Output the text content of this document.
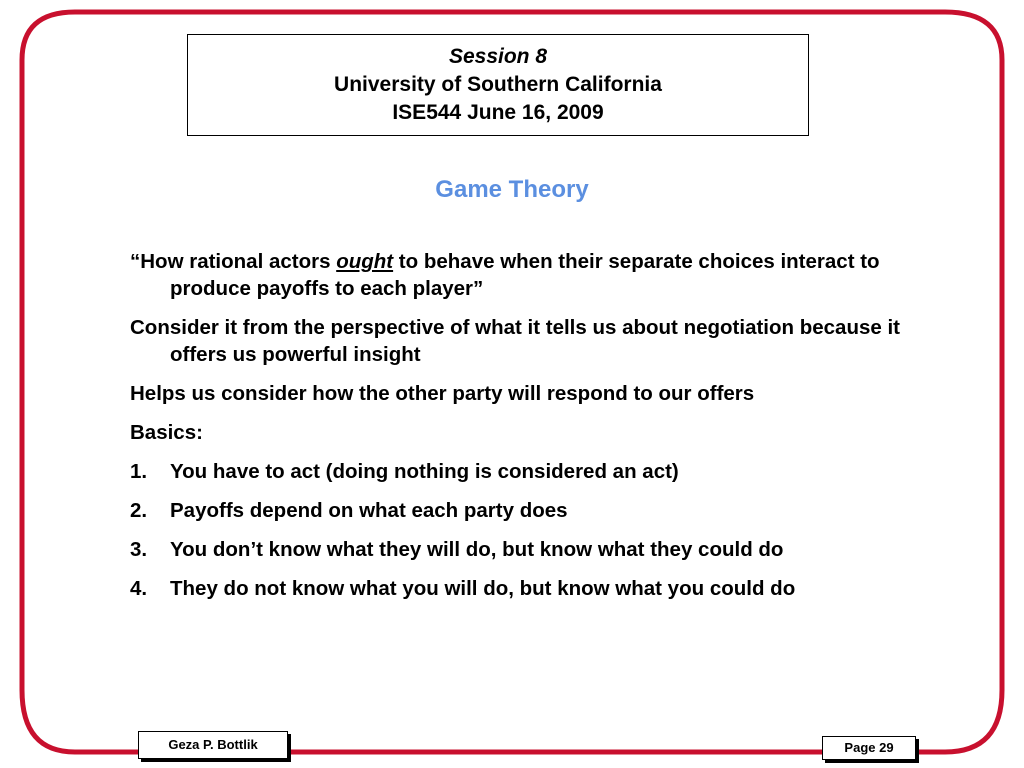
Session 8
University of Southern California
ISE544 June 16, 2009
Game Theory

“How rational actors ought to behave when their separate choices interact to produce payoffs to each player”

Consider it from the perspective of what it tells us about negotiation because it offers us powerful insight

Helps us consider how the other party will respond to our offers

Basics:

1. You have to act (doing nothing is considered an act)
2. Payoffs depend on what each party does
3. You don’t know what they will do, but know what they could do
4. They do not know what you will do, but know what you could do
Geza P. Bottlik	Page 29
